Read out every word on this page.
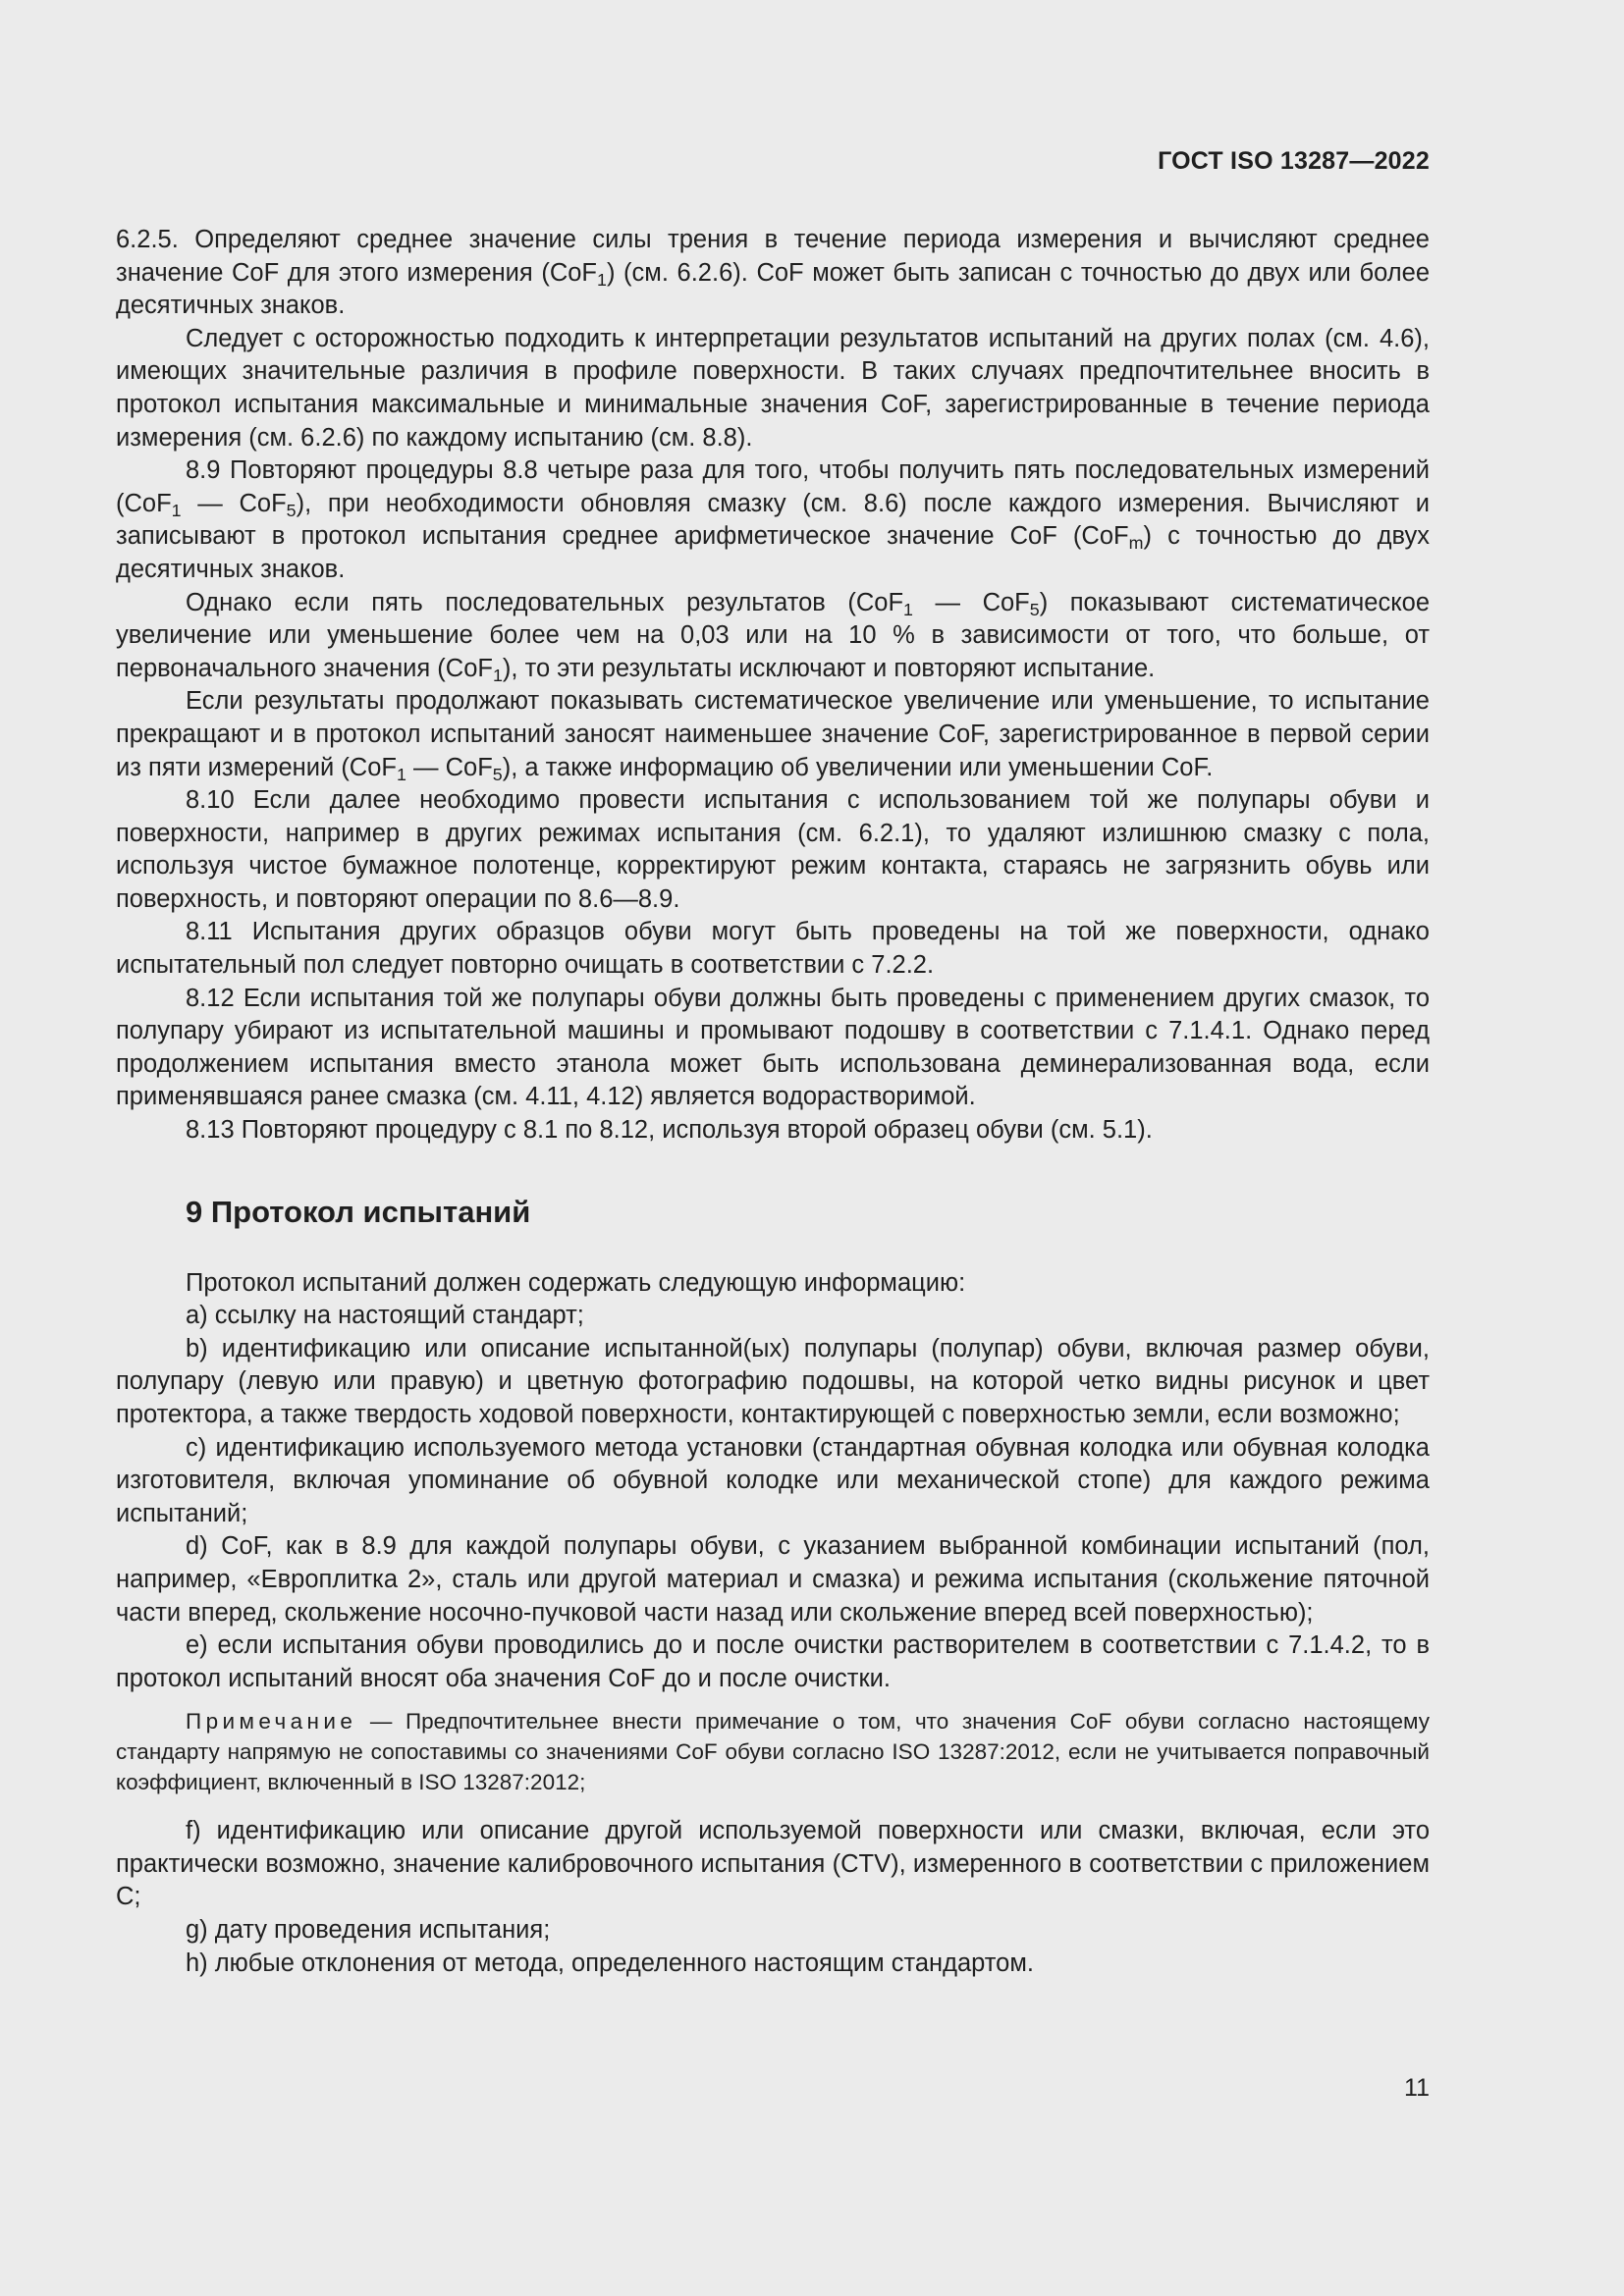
ГОСТ ISO 13287—2022

6.2.5. Определяют среднее значение силы трения в течение периода измерения и вычисляют среднее значение CoF для этого измерения (CoF$_1$) (см. 6.2.6). CoF может быть записан с точностью до двух или более десятичных знаков.

Следует с осторожностью подходить к интерпретации результатов испытаний на других полах (см. 4.6), имеющих значительные различия в профиле поверхности. В таких случаях предпочтительнее вносить в протокол испытания максимальные и минимальные значения CoF, зарегистрированные в течение периода измерения (см. 6.2.6) по каждому испытанию (см. 8.8).

8.9 Повторяют процедуры 8.8 четыре раза для того, чтобы получить пять последовательных измерений (CoF$_1$ — CoF$_5$), при необходимости обновляя смазку (см. 8.6) после каждого измерения. Вычисляют и записывают в протокол испытания среднее арифметическое значение CoF (CoF$_m$) с точностью до двух десятичных знаков.

Однако если пять последовательных результатов (CoF$_1$ — CoF$_5$) показывают систематическое увеличение или уменьшение более чем на 0,03 или на 10 % в зависимости от того, что больше, от первоначального значения (CoF$_1$), то эти результаты исключают и повторяют испытание.

Если результаты продолжают показывать систематическое увеличение или уменьшение, то испытание прекращают и в протокол испытаний заносят наименьшее значение CoF, зарегистрированное в первой серии из пяти измерений (CoF$_1$ — CoF$_5$), а также информацию об увеличении или уменьшении CoF.

8.10 Если далее необходимо провести испытания с использованием той же полупары обуви и поверхности, например в других режимах испытания (см. 6.2.1), то удаляют излишнюю смазку с пола, используя чистое бумажное полотенце, корректируют режим контакта, стараясь не загрязнить обувь или поверхность, и повторяют операции по 8.6—8.9.

8.11 Испытания других образцов обуви могут быть проведены на той же поверхности, однако испытательный пол следует повторно очищать в соответствии с 7.2.2.

8.12 Если испытания той же полупары обуви должны быть проведены с применением других смазок, то полупару убирают из испытательной машины и промывают подошву в соответствии с 7.1.4.1. Однако перед продолжением испытания вместо этанола может быть использована деминерализованная вода, если применявшаяся ранее смазка (см. 4.11, 4.12) является водорастворимой.

8.13 Повторяют процедуру с 8.1 по 8.12, используя второй образец обуви (см. 5.1).

9 Протокол испытаний

Протокол испытаний должен содержать следующую информацию:

a) ссылку на настоящий стандарт;

b) идентификацию или описание испытанной(ых) полупары (полупар) обуви, включая размер обуви, полупару (левую или правую) и цветную фотографию подошвы, на которой четко видны рисунок и цвет протектора, а также твердость ходовой поверхности, контактирующей с поверхностью земли, если возможно;

c) идентификацию используемого метода установки (стандартная обувная колодка или обувная колодка изготовителя, включая упоминание об обувной колодке или механической стопе) для каждого режима испытаний;

d) CoF, как в 8.9 для каждой полупары обуви, с указанием выбранной комбинации испытаний (пол, например, «Европлитка 2», сталь или другой материал и смазка) и режима испытания (скольжение пяточной части вперед, скольжение носочно-пучковой части назад или скольжение вперед всей поверхностью);

e) если испытания обуви проводились до и после очистки растворителем в соответствии с 7.1.4.2, то в протокол испытаний вносят оба значения CoF до и после очистки.

Примечание — Предпочтительнее внести примечание о том, что значения CoF обуви согласно настоящему стандарту напрямую не сопоставимы со значениями CoF обуви согласно ISO 13287:2012, если не учитывается поправочный коэффициент, включенный в ISO 13287:2012;

f) идентификацию или описание другой используемой поверхности или смазки, включая, если это практически возможно, значение калибровочного испытания (CTV), измеренного в соответствии с приложением C;

g) дату проведения испытания;

h) любые отклонения от метода, определенного настоящим стандартом.

11
